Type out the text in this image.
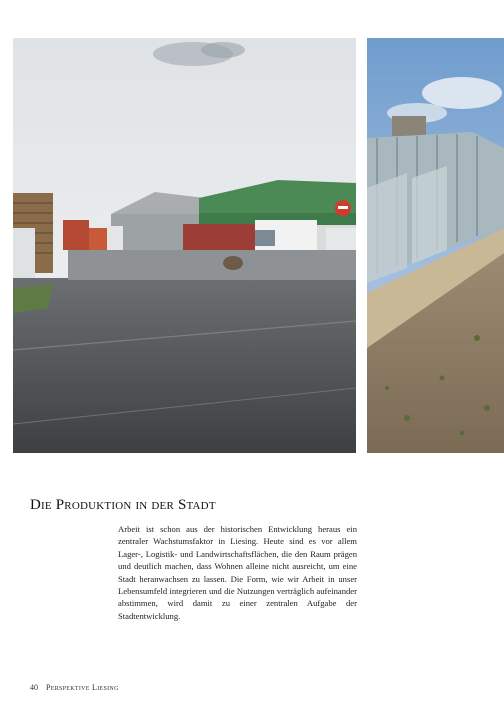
Die Produktion in der Stadt

Arbeit ist schon aus der historischen Entwicklung heraus ein zentraler Wachstumsfaktor in Liesing. Heute sind es vor allem Lager-, Logistik- und Landwirtschaftsflächen, die den Raum prägen und deutlich machen, dass Wohnen alleine nicht ausreicht, um eine Stadt heranwachsen zu lassen. Die Form, wie wir Arbeit in unser Lebensumfeld integrieren und die Nutzungen verträglich aufeinander abstimmen, wird damit zu einer zentralen Aufgabe der Stadtentwicklung.

40 Perspektive Liesing
